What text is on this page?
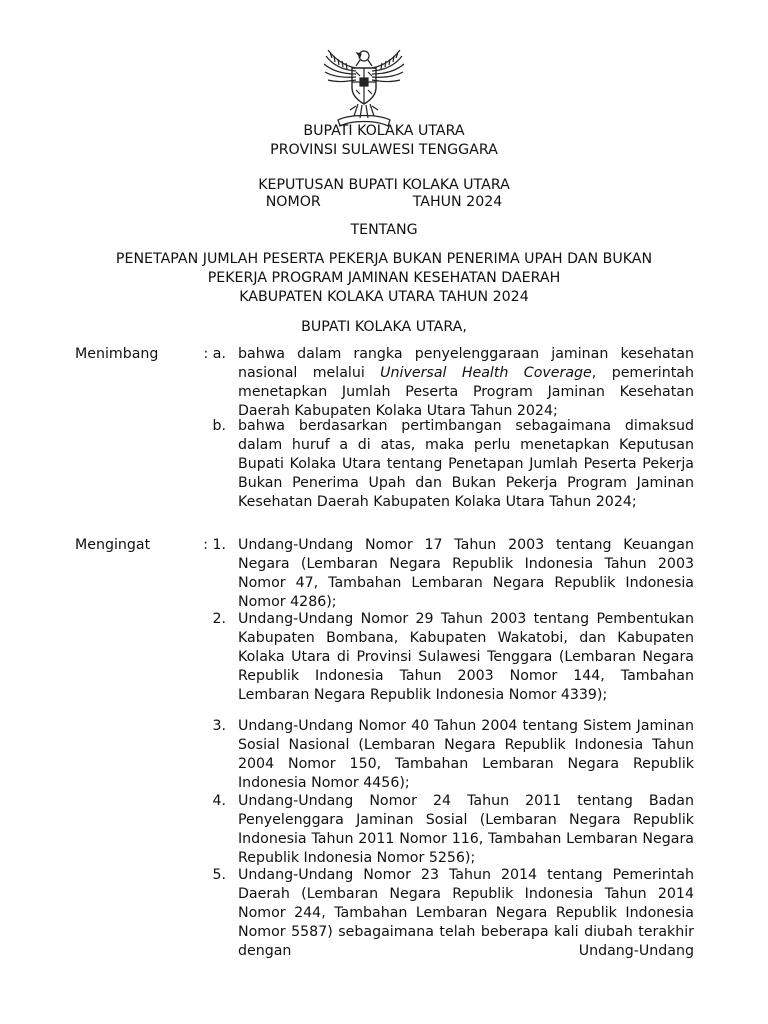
BUPATI KOLAKA UTARA
PROVINSI SULAWESI TENGGARA
KEPUTUSAN BUPATI KOLAKA UTARA
NOMOR	TAHUN 2024
TENTANG
PENETAPAN JUMLAH PESERTA PEKERJA BUKAN PENERIMA UPAH DAN BUKAN
PEKERJA PROGRAM JAMINAN KESEHATAN DAERAH
KABUPATEN KOLAKA UTARA TAHUN 2024
BUPATI KOLAKA UTARA,
Menimbang	: a. bahwa dalam rangka penyelenggaraan jaminan kesehatan nasional melalui Universal Health Coverage, pemerintah menetapkan Jumlah Peserta Program Jaminan Kesehatan Daerah Kabupaten Kolaka Utara Tahun 2024;
b. bahwa berdasarkan pertimbangan sebagaimana dimaksud dalam huruf a di atas, maka perlu menetapkan Keputusan Bupati Kolaka Utara tentang Penetapan Jumlah Peserta Pekerja Bukan Penerima Upah dan Bukan Pekerja Program Jaminan Kesehatan Daerah Kabupaten Kolaka Utara Tahun 2024;
Mengingat	: 1. Undang-Undang Nomor 17 Tahun 2003 tentang Keuangan Negara (Lembaran Negara Republik Indonesia Tahun 2003 Nomor 47, Tambahan Lembaran Negara Republik Indonesia Nomor 4286);
2. Undang-Undang Nomor 29 Tahun 2003 tentang Pembentukan Kabupaten Bombana, Kabupaten Wakatobi, dan Kabupaten Kolaka Utara di Provinsi Sulawesi Tenggara (Lembaran Negara Republik Indonesia Tahun 2003 Nomor 144, Tambahan Lembaran Negara Republik Indonesia Nomor 4339);
3. Undang-Undang Nomor 40 Tahun 2004 tentang Sistem Jaminan Sosial Nasional (Lembaran Negara Republik Indonesia Tahun 2004 Nomor 150, Tambahan Lembaran Negara Republik Indonesia Nomor 4456);
4. Undang-Undang Nomor 24 Tahun 2011 tentang Badan Penyelenggara Jaminan Sosial (Lembaran Negara Republik Indonesia Tahun 2011 Nomor 116, Tambahan Lembaran Negara Republik Indonesia Nomor 5256);
5. Undang-Undang Nomor 23 Tahun 2014 tentang Pemerintah Daerah (Lembaran Negara Republik Indonesia Tahun 2014 Nomor 244, Tambahan Lembaran Negara Republik Indonesia Nomor 5587) sebagaimana telah beberapa kali diubah terakhir dengan Undang-Undang
